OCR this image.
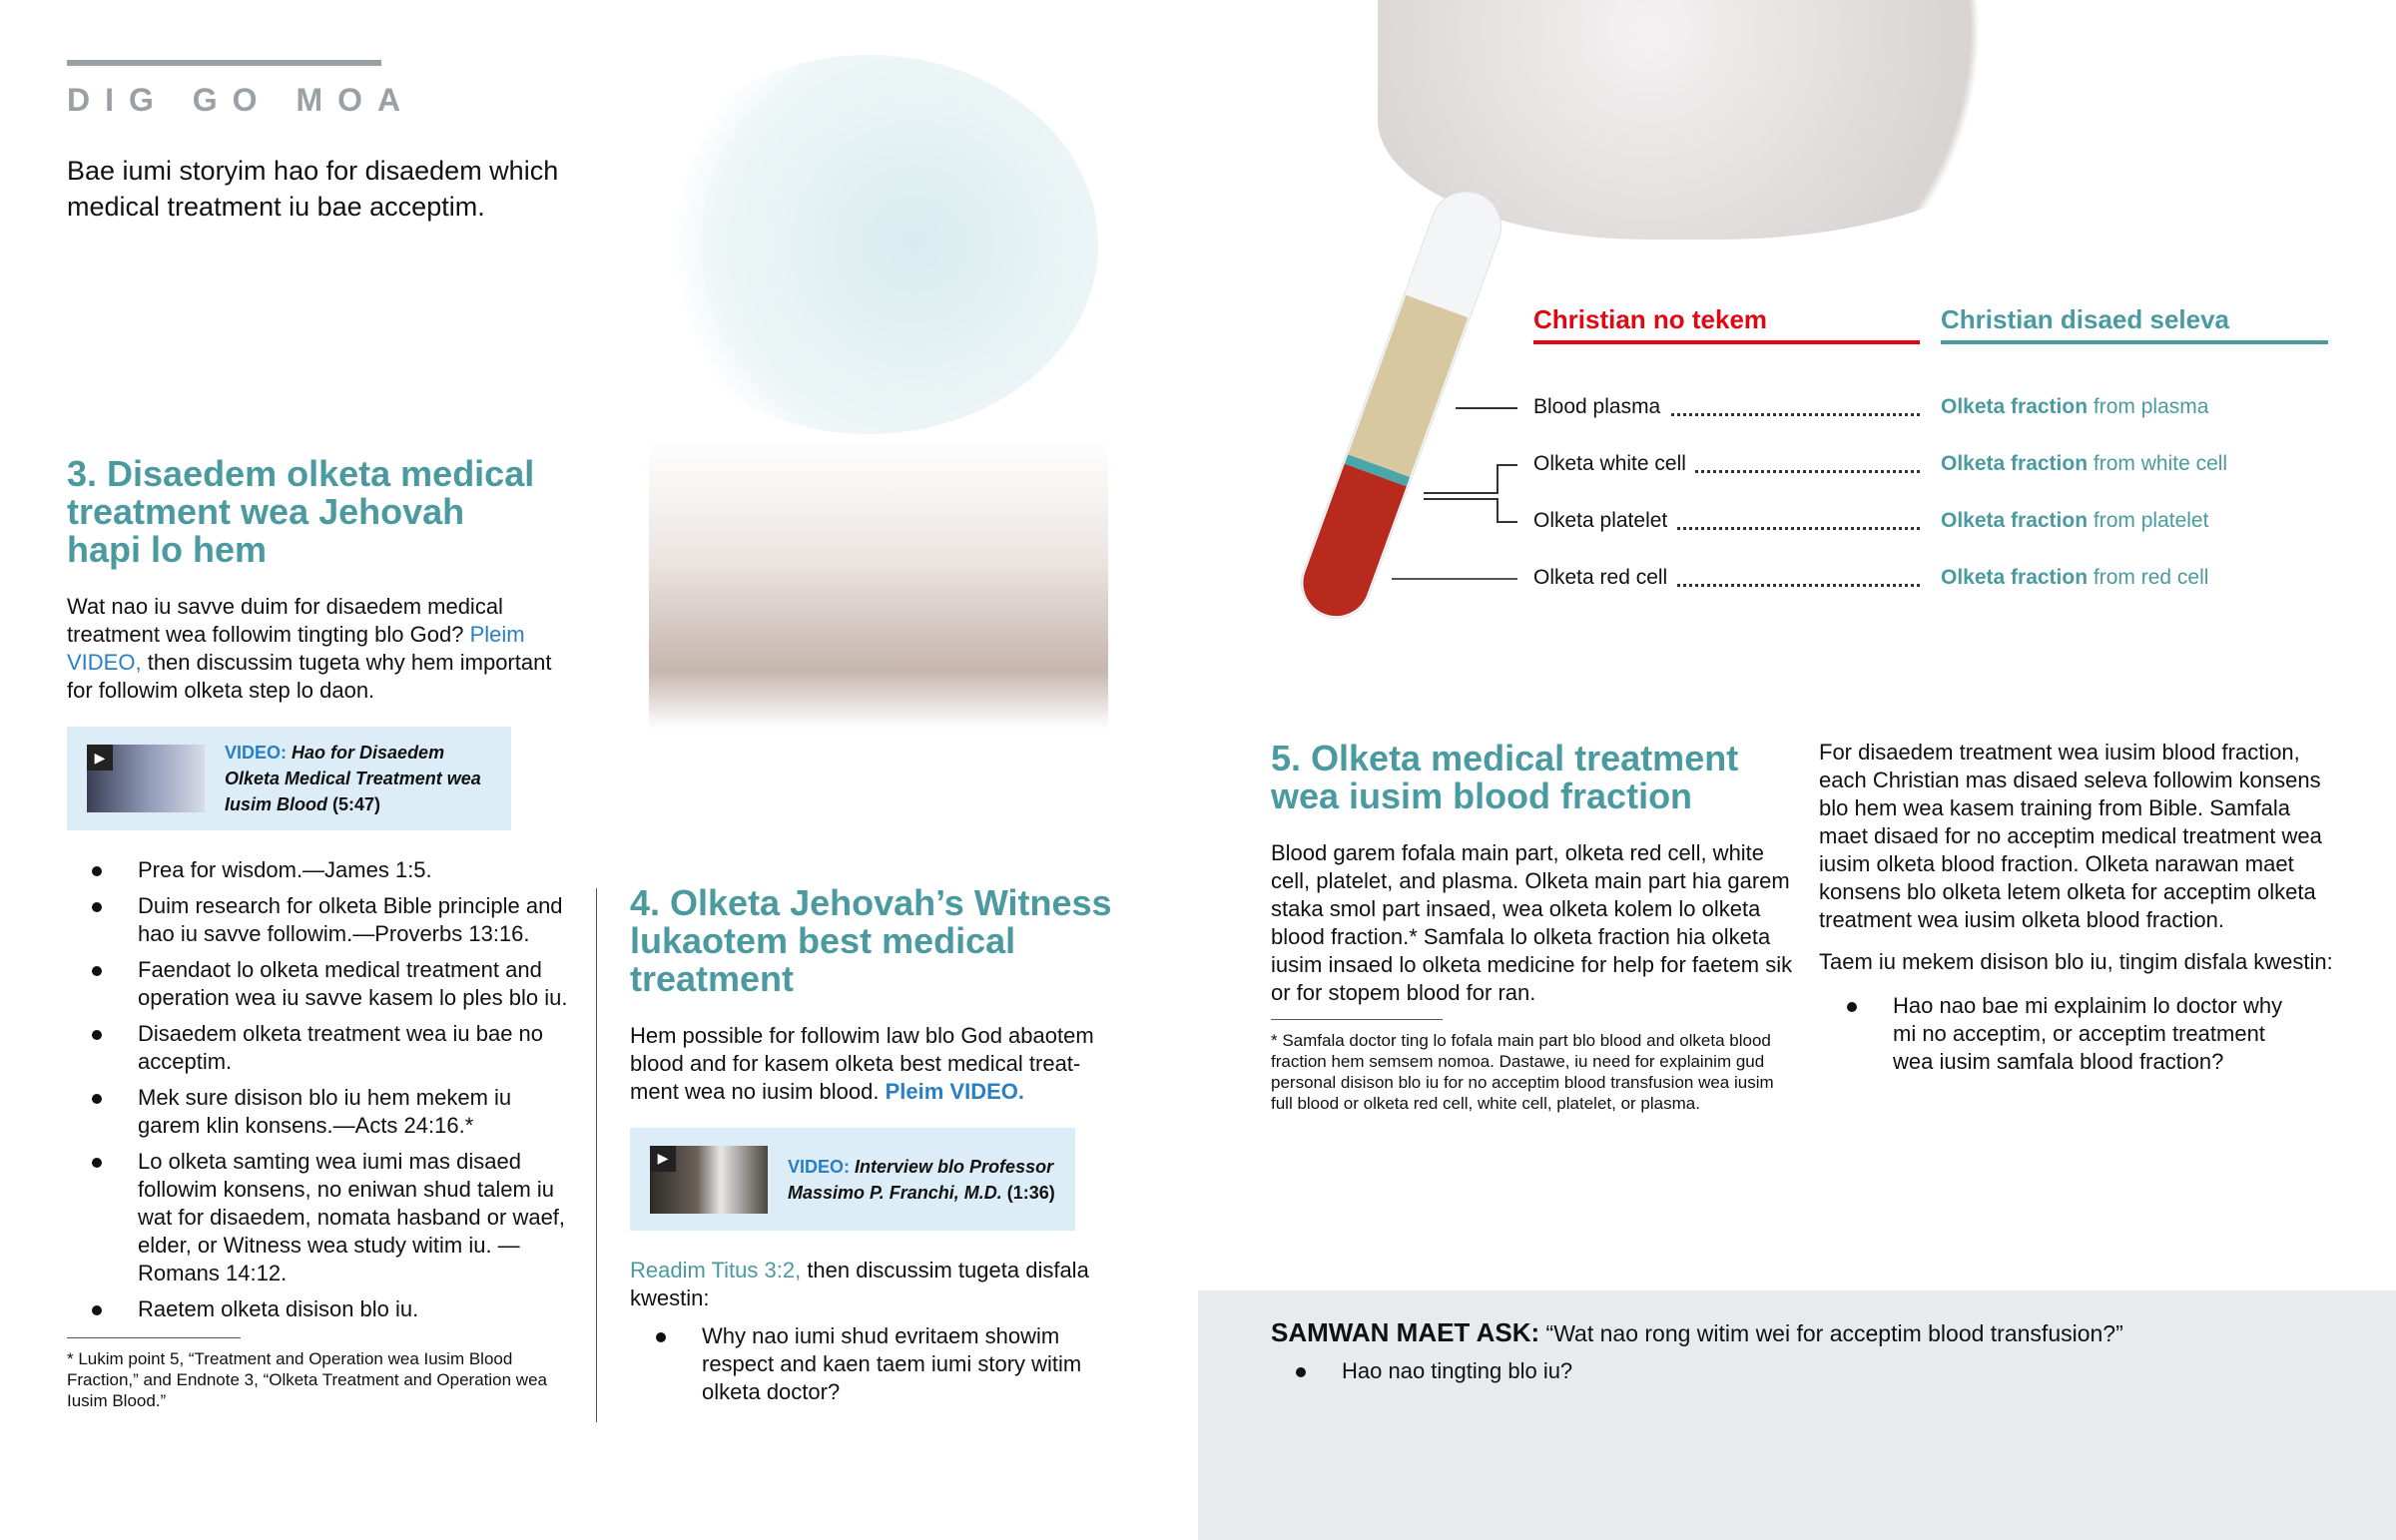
DIG GO MOA
Bae iumi storyim hao for disaedem which medical treatment iu bae acceptim.
3. Disaedem olketa medical treatment wea Jehovah hapi lo hem

Wat nao iu savve duim for disaedem medical treatment wea followim tingting blo God? Pleim VIDEO, then discussim tugeta why hem important for followim olketa step lo daon.

▶	VIDEO: Hao for Disaedem Olketa Medical Treatment wea Iusim Blood (5:47)
Prea for wisdom.—James 1:5.
Duim research for olketa Bible principle and hao iu savve followim.—Proverbs 13:16.
Faendaot lo olketa medical treatment and operation wea iu savve kasem lo ples blo iu.
Disaedem olketa treatment wea iu bae no acceptim.
Mek sure disison blo iu hem mekem iu garem klin konsens.—Acts 24:16.*
Lo olketa samting wea iumi mas disaed followim konsens, no eniwan shud talem iu wat for disaedem, nomata hasband or waef, elder, or Witness wea study witim iu. —Romans 14:12.
Raetem olketa disison blo iu.

* Lukim point 5, “Treatment and Operation wea Iusim Blood Fraction,” and Endnote 3, “Olketa Treatment and Operation wea Iusim Blood.”

4. Olketa Jehovah’s Witness lukaotem best medical treatment

Hem possible for followim law blo God abaotem blood and for kasem olketa best medical treatment wea no iusim blood. Pleim VIDEO.

▶	VIDEO: Interview blo Professor Massimo P. Franchi, M.D. (1:36)

Readim Titus 3:2, then discussim tugeta disfala kwestin:

Why nao iumi shud evritaem showim respect and kaen taem iumi story witim olketa doctor?
Christian no tekem	Christian disaed seleva
Blood plasma	Olketa fraction from plasma
Olketa white cell	Olketa fraction from white cell
Olketa platelet	Olketa fraction from platelet
Olketa red cell	Olketa fraction from red cell
5. Olketa medical treatment wea iusim blood fraction

Blood garem fofala main part, olketa red cell, white cell, platelet, and plasma. Olketa main part hia garem staka smol part insaed, wea olketa kolem lo olketa blood fraction.* Samfala lo olketa fraction hia olketa iusim insaed lo olketa medicine for help for faetem sik or for stopem blood for ran.

* Samfala doctor ting lo fofala main part blo blood and olketa blood fraction hem semsem nomoa. Dastawe, iu need for explainim gud personal disison blo iu for no acceptim blood transfusion wea iusim full blood or olketa red cell, white cell, platelet, or plasma.

For disaedem treatment wea iusim blood fraction, each Christian mas disaed seleva followim konsens blo hem wea kasem training from Bible. Samfala maet disaed for no acceptim medical treatment wea iusim olketa blood fraction. Olketa narawan maet konsens blo olketa letem olketa for acceptim olketa treatment wea iusim olketa blood fraction.

Taem iu mekem disison blo iu, tingim disfala kwestin:

Hao nao bae mi explainim lo doctor why mi no acceptim, or acceptim treatment wea iusim samfala blood fraction?

SAMWAN MAET ASK: “Wat nao rong witim wei for acceptim blood transfusion?”

Hao nao tingting blo iu?
